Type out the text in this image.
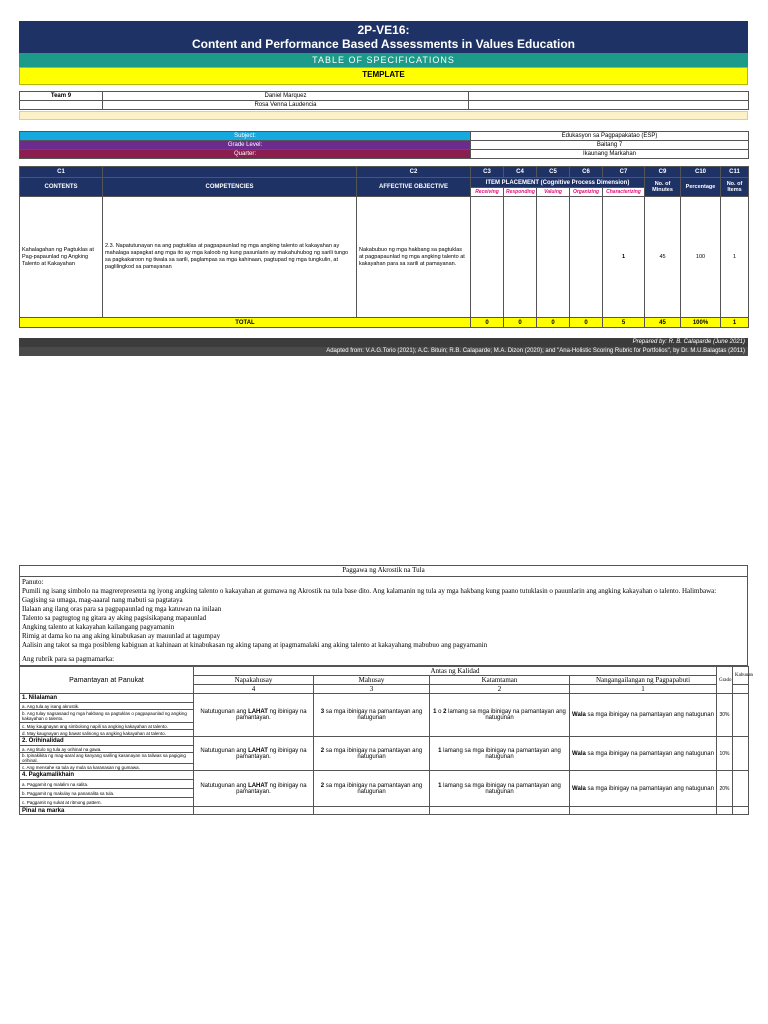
2P-VE16:
Content and Performance Based Assessments in Values Education
TABLE OF SPECIFICATIONS
TEMPLATE
Team 9	Daniel Marquez	
	Rosa Venna Laudencia	
Subject:	Edukasyon sa Pagpapakatao (ESP)
Grade Level:	Baitang 7
Quarter:	Ikaunang Markahan
C1		C2	C3	C4	C5	C6	C7	C9	C10	C11
CONTENTS	COMPETENCIES	AFFECTIVE OBJECTIVE	ITEM PLACEMENT (Cognitive Process Dimension)					No. of Minutes	Percentage	No. of Items
			Receiving	Responding	Valuing	Organizing	Characterizing			
Kahalagahan ng Pagtuklas at Pag-papaunlad ng Angking Talento at Kakayahan	2.3. Napatutunayan na ang pagtuklas at pagpapaunlad ng mga angking talento at kakayahan ay mahalaga sapagkat ang mga ito ay mga kaloob ng kung pasunlarin ay makahuhubog ng sarili tungo sa pagkakaroon ng tiwala sa sarili, paglampas sa mga kahinaan, pagtupad ng mga tungkulin, at paglilingkod sa pamayanan	Nakabubuo ng mga hakbang sa pagtuklas at pagpapaunlad ng mga angking talento at kakayahan para sa sarili at pamayanan.					1	45	100	1
TOTAL			0	0	0	0	5	45	100%	1
Prepared by: R. B. Calaparde (June 2021)
Adapted from: V.A.G.Torio (2021); A.C. Bituin; R.B. Calaparde; M.A. Dizon (2020); and "Ana-Holistic Scoring Rubric for Portfolios", by Dr. M.U.Balagtas (2011)
Paggawa ng Akrostik na Tula
Panuto:
Pumili ng isang simbolo na magrerepresenta ng iyong angking talento o kakayahan at gumawa ng Akrostik na tula base dito. Ang kalamanin ng tula ay mga hakbang kung paano tutuklasin o pauunlarin ang angking kakayahan o talento. Halimbawa:
Gagising sa umaga, mag-aaaral nang mabuti sa pagtataya
Ilalaan ang ilang oras para sa pagpapaunlad ng mga katuwan na inilaan
Talento sa pagtugtog ng gitara ay aking pagsisikapang mapaunlad
Angking talento at kakayahan kailangang pagyamanin
Rimig at dama ko na ang aking kinabukasan ay mauunlad at tagumpay
Aalisin ang takot sa mga posibleng kabiguan at kahinaan at kinabukasan ng aking tapang at ipagmamalaki ang aking talento at kakayahang mabubuo ang pagyamanin
Ang rubrik para sa pagmamarka:
Pamantayan at Panukat	Antas ng Kalidad				Grado	Kabuuan
	Napakahusay	Mahusay	Katamtaman	Nangangailangan ng Pagpapabuti		
	4	3	2	1		
1. Nilalaman	Natutugunan ang LAHAT ng ibinigay na pamantayan.	3 sa mga ibinigay na pamantayan ang natugunan	1 o 2 lamang sa mga ibinigay na pamantayan ang natugunan	Wala sa mga ibinigay na pamantayan ang natugunan	30%	
a. Ang tula ay isang akrostik.						
b. Ang tulay nagsasaad ng mga hakbang sa pagtuklas o pagpapaunlad ng angking kakayahan o talento.						
c. May kaugnayan ang simbolong napili sa angking kakayahan at talento.						
d. May kaugnayan ang bawat salinong sa angking kakayahan at talento.						
2. Orihinalidad	Natutugunan ang LAHAT ng ibinigay na pamantayan.	2 sa mga ibinigay na pamantayan ang natugunan	1 lamang sa mga ibinigay na pamantayan ang natugunan	Wala sa mga ibinigay na pamantayan ang natugunan	10%	
a. Ang titulo ng tula ay orihinal na gawa.						
b. Ipinakikita ng mag-aaral ang kanyang sariling kasanayan na taliwas sa pagiging orihinal.						
c. Ang mensahe sa tula ay mula sa karanasan ng gumawa.						
4. Pagkamalikhain	Natutugunan ang LAHAT ng ibinigay na pamantayan.	2 sa mga ibinigay na pamantayan ang natugunan	1 lamang sa mga ibinigay na pamantayan ang natugunan	Wala sa mga ibinigay na pamantayan ang natugunan	20%	
a. Paggamit ng malalim na salita.						
b. Paggamit ng makulay na pananalita sa tula.						
c. Paggamit ng sukat at ritmong pattern.						
Pinal na marka						
